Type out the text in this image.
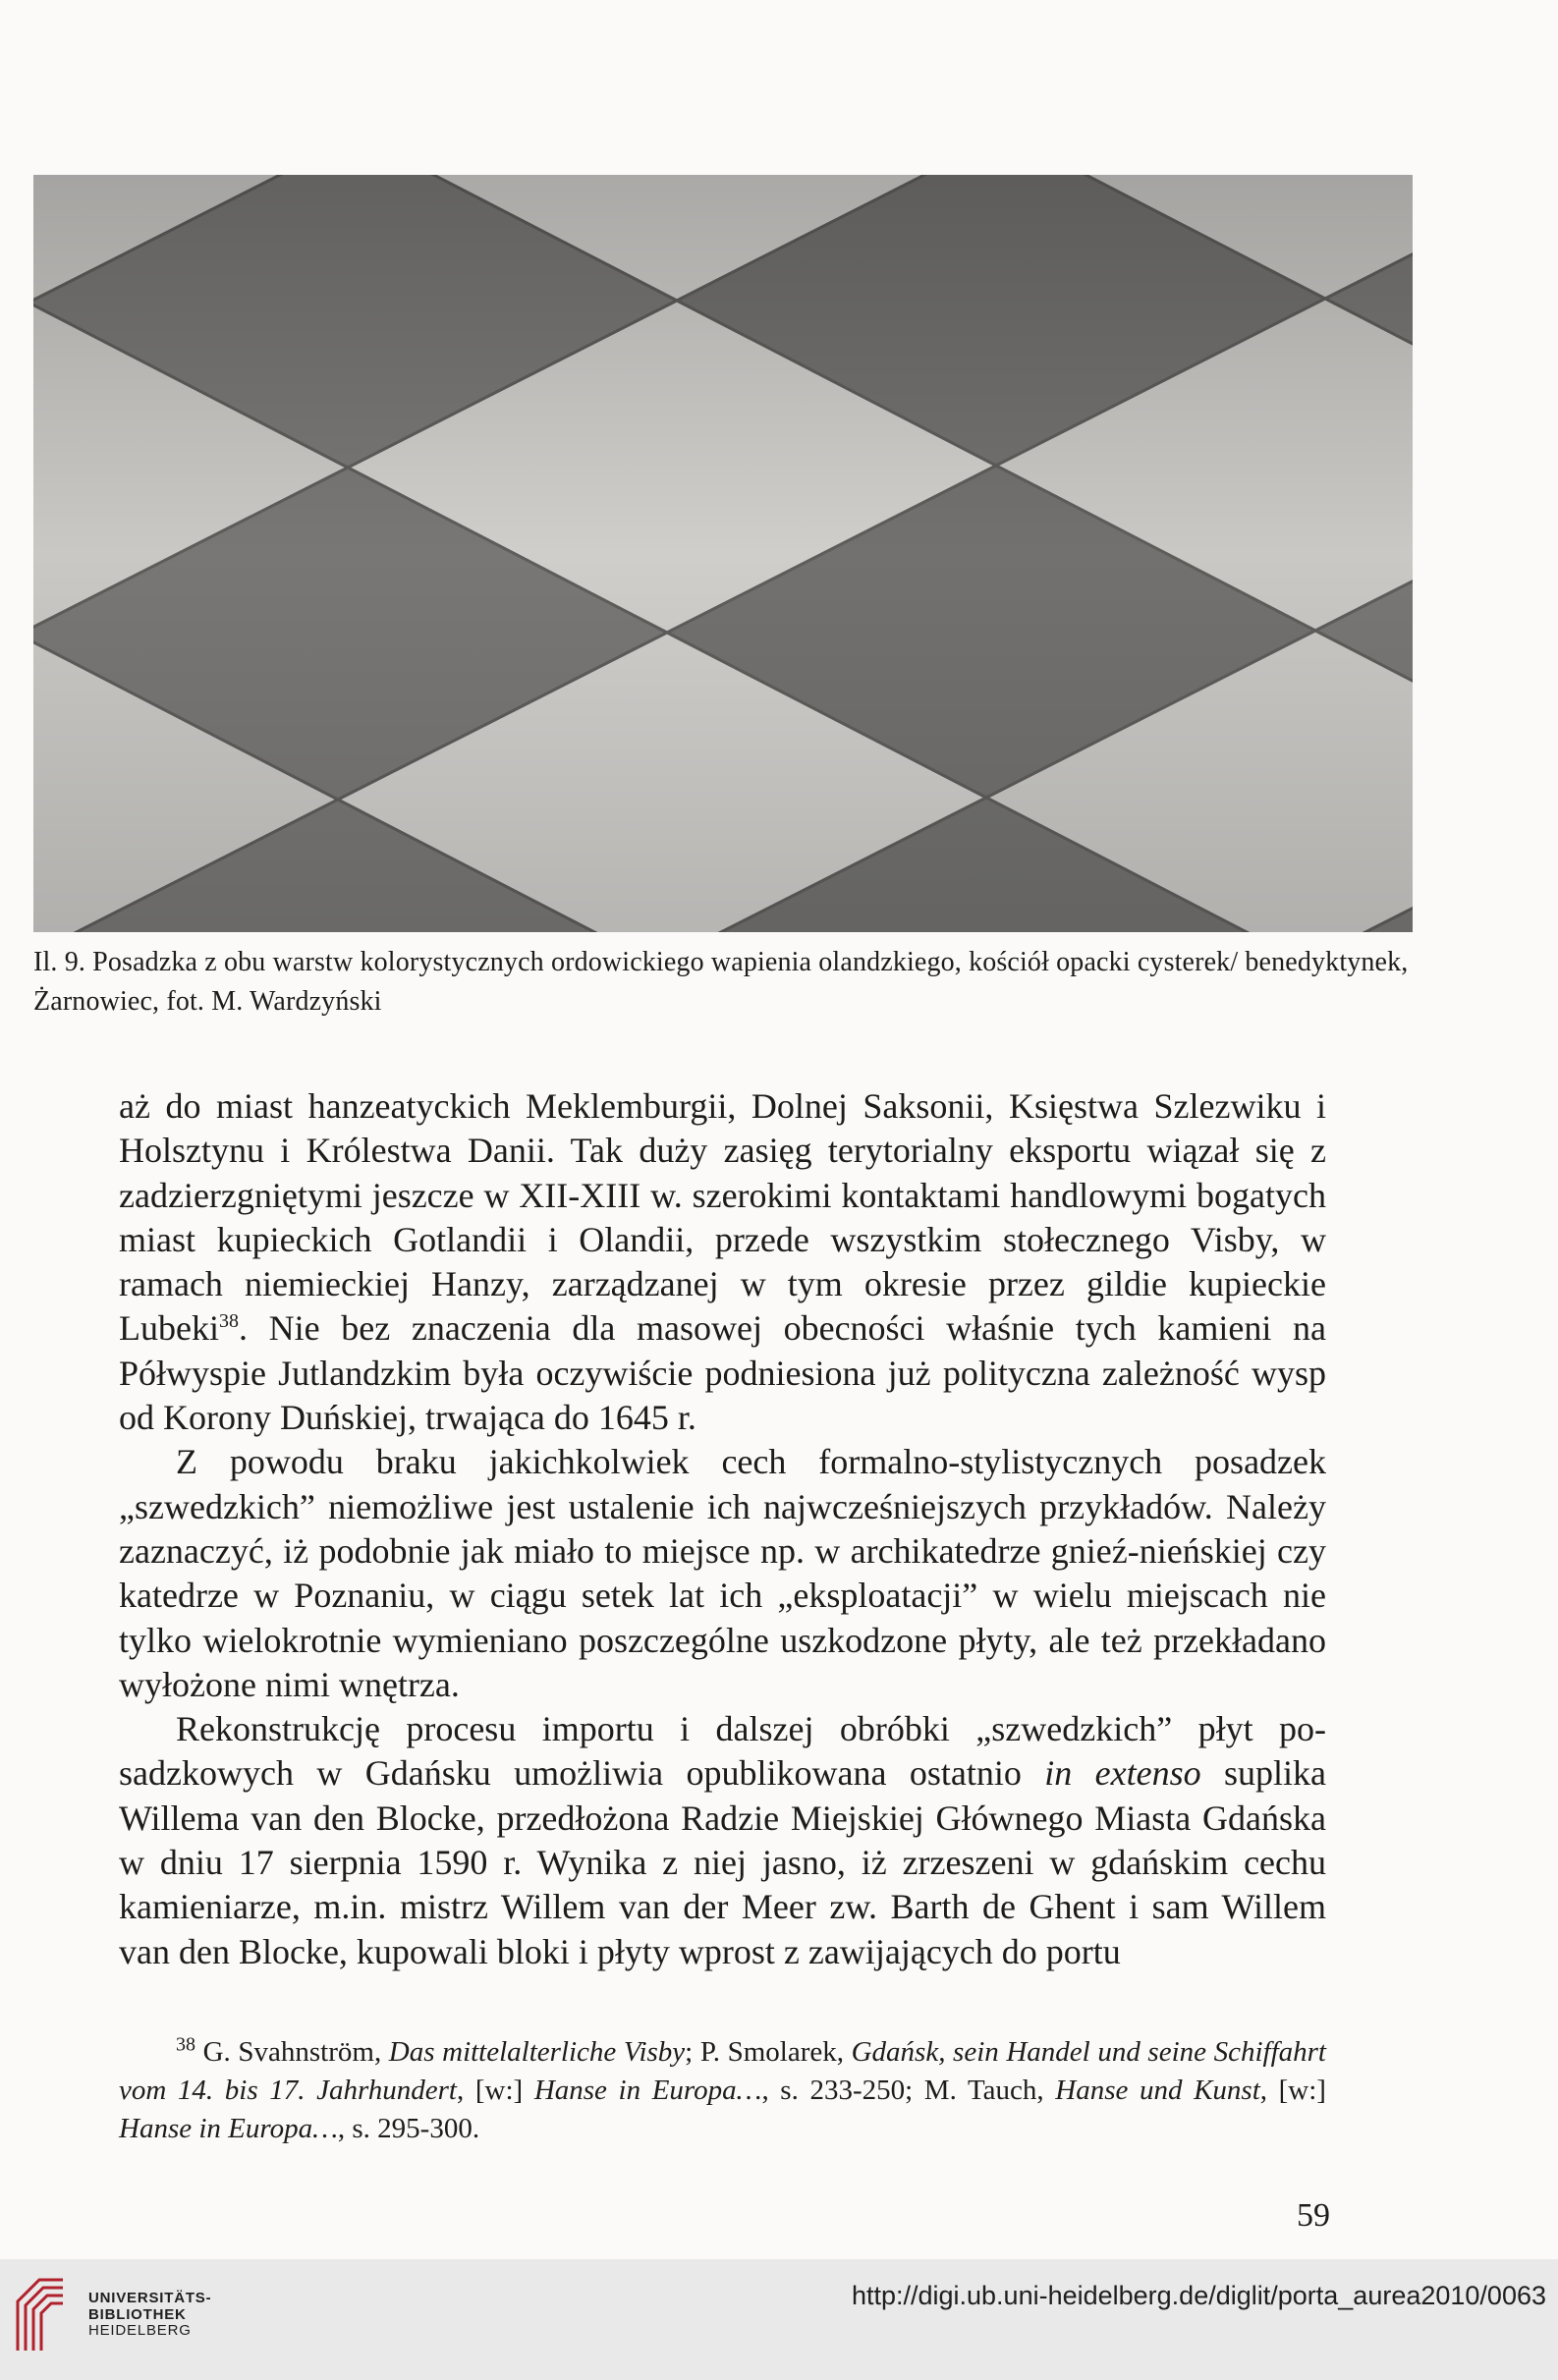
Il. 9. Posadzka z obu warstw kolorystycznych ordowickiego wapienia olandzkiego, kościół opacki cysterek/ benedyktynek, Żarnowiec, fot. M. Wardzyński

aż do miast hanzeatyckich Meklemburgii, Dolnej Saksonii, Księstwa Szlezwiku i Holsztynu i Królestwa Danii. Tak duży zasięg terytorialny eksportu wiązał się z zadzierzgniętymi jeszcze w XII-XIII w. szerokimi kontaktami handlowymi bogatych miast kupieckich Gotlandii i Olandii, przede wszystkim stołecznego Visby, w ramach niemieckiej Hanzy, zarządzanej w tym okresie przez gildie kupieckie Lubeki$^{38}$. Nie bez znaczenia dla masowej obecności właśnie tych kamieni na Półwyspie Jutlandzkim była oczywiście podniesiona już polityczna zależność wysp od Korony Duńskiej, trwająca do 1645 r.

Z powodu braku jakichkolwiek cech formalno-stylistycznych posadzek „szwedzkich” niemożliwe jest ustalenie ich najwcześniejszych przykładów. Należy zaznaczyć, iż podobnie jak miało to miejsce np. w archikatedrze gnieź-nieńskiej czy katedrze w Poznaniu, w ciągu setek lat ich „eksploatacji” w wielu miejscach nie tylko wielokrotnie wymieniano poszczególne uszkodzone płyty, ale też przekładano wyłożone nimi wnętrza.

Rekonstrukcję procesu importu i dalszej obróbki „szwedzkich” płyt po-sadzkowych w Gdańsku umożliwia opublikowana ostatnio in extenso suplika Willema van den Blocke, przedłożona Radzie Miejskiej Głównego Miasta Gdańska w dniu 17 sierpnia 1590 r. Wynika z niej jasno, iż zrzeszeni w gdańskim cechu kamieniarze, m.in. mistrz Willem van der Meer zw. Barth de Ghent i sam Willem van den Blocke, kupowali bloki i płyty wprost z zawijających do portu

$^{38}$ G. Svahnström, Das mittelalterliche Visby; P. Smolarek, Gdańsk, sein Handel und seine Schiffahrt vom 14. bis 17. Jahrhundert, [w:] Hanse in Europa…, s. 233-250; M. Tauch, Hanse und Kunst, [w:] Hanse in Europa…, s. 295-300.

59
UNIVERSITÄTS-
BIBLIOTHEK
HEIDELBERG
http://digi.ub.uni-heidelberg.de/diglit/porta_aurea2010/0063
